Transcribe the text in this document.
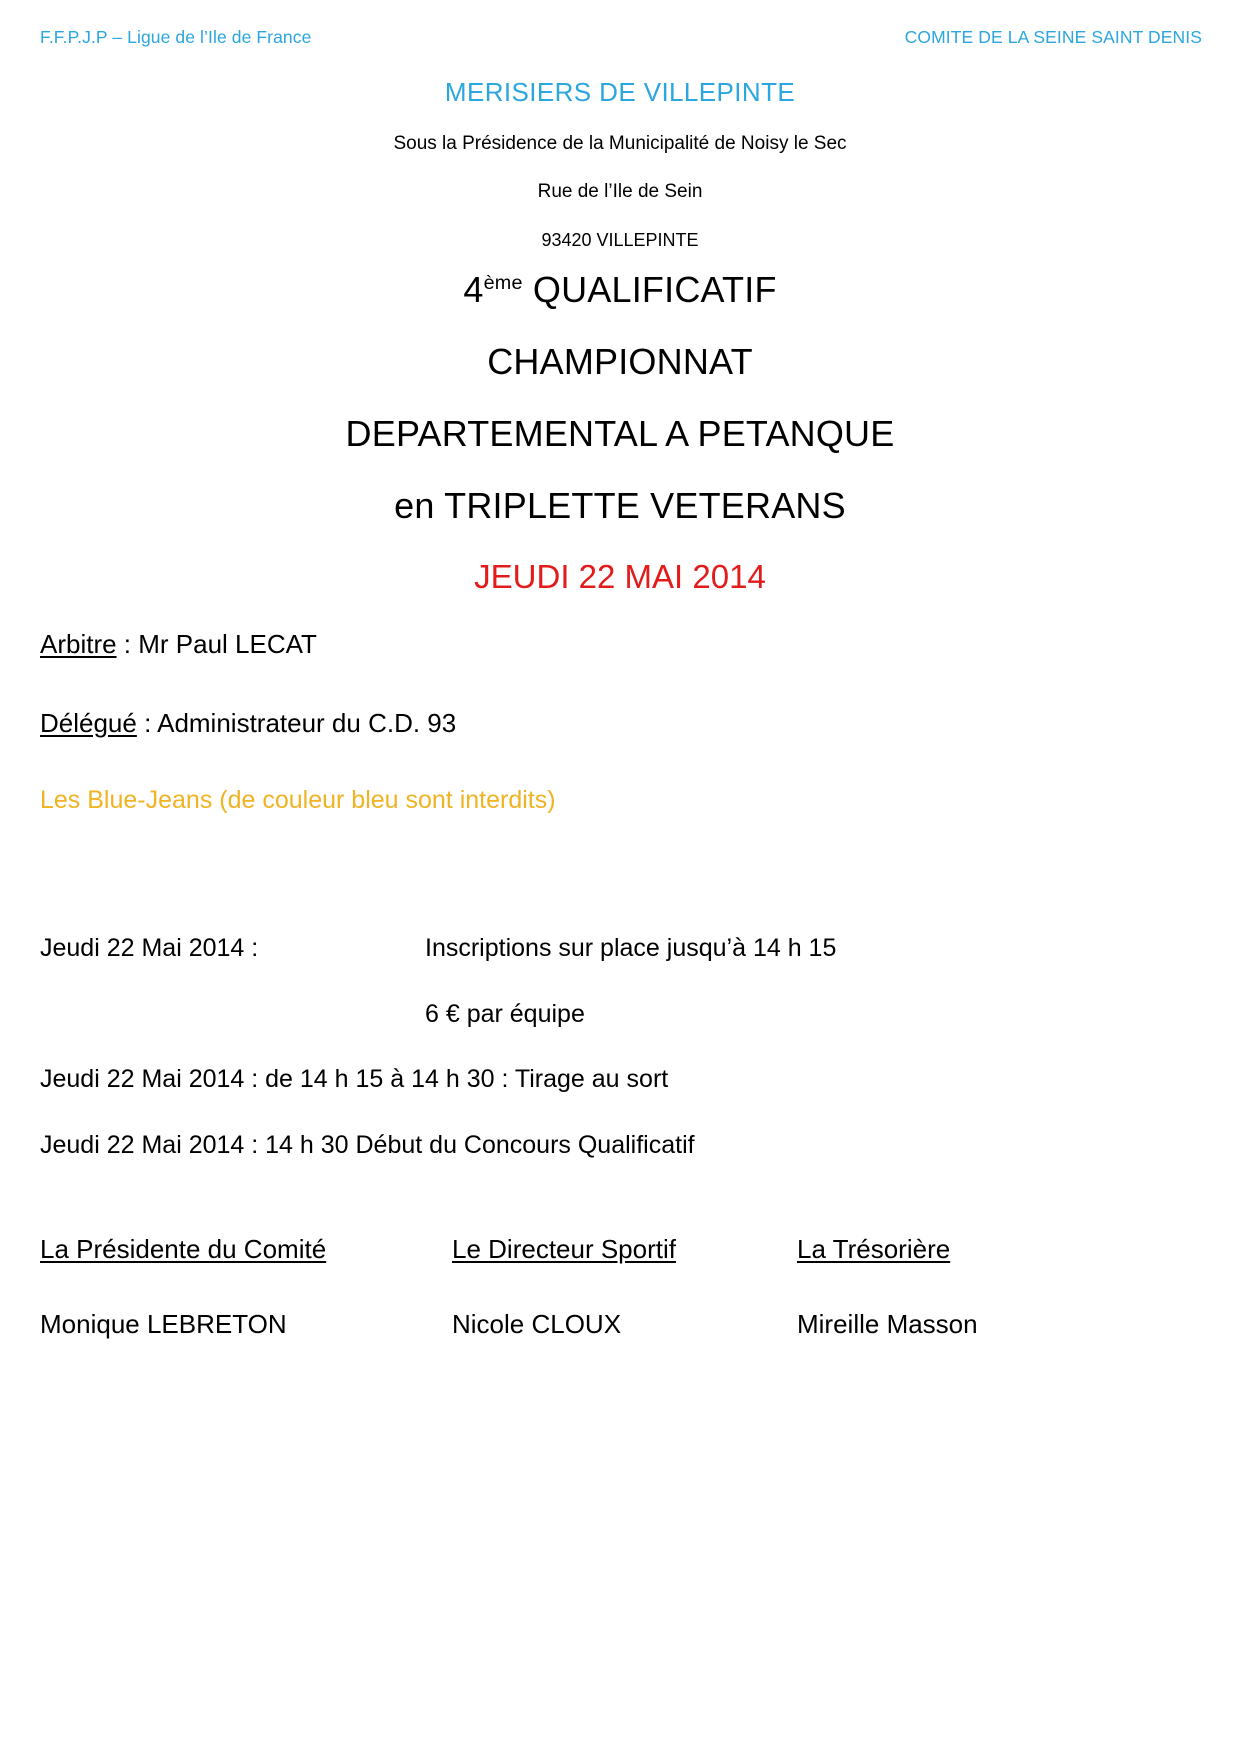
F.F.P.J.P – Ligue de l’Ile de France	COMITE DE LA SEINE SAINT DENIS
MERISIERS DE VILLEPINTE
Sous la Présidence de la Municipalité de Noisy le Sec
Rue de l’Ile de Sein
93420 VILLEPINTE
4ème QUALIFICATIF
CHAMPIONNAT
DEPARTEMENTAL A PETANQUE
en TRIPLETTE VETERANS
JEUDI 22 MAI 2014

Arbitre : Mr Paul LECAT

Délégué : Administrateur du C.D. 93

Les Blue-Jeans (de couleur bleu sont interdits)

Jeudi 22 Mai 2014 :	Inscriptions sur place jusqu’à 14 h 15
6 € par équipe
Jeudi 22 Mai 2014 : de 14 h 15 à 14 h 30 : Tirage au sort
Jeudi 22 Mai 2014 : 14 h 30 Début du Concours Qualificatif
La Présidente du Comité
Monique LEBRETON
Le Directeur Sportif
Nicole CLOUX
La Trésorière
Mireille Masson
